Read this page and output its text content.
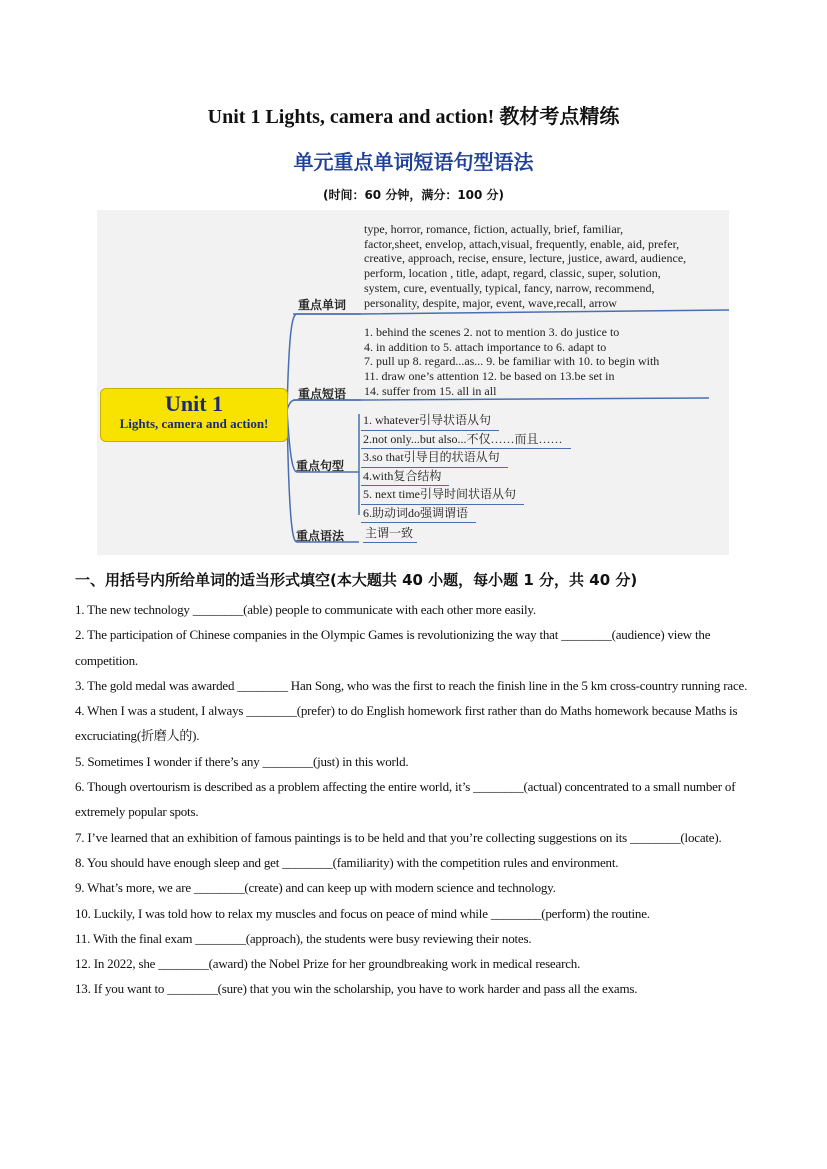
Unit 1 Lights, camera and action! 教材考点精练
单元重点单词短语句型语法
(时间：60 分钟，满分：100 分)
Unit 1
Lights, camera and action!
重点单词
重点短语
重点句型
重点语法
type, horror, romance, fiction, actually, brief, familiar,
factor,sheet, envelop, attach,visual, frequently, enable, aid, prefer,
creative, approach, recise, ensure, lecture, justice, award, audience,
perform, location , title, adapt, regard, classic, super, solution,
system, cure, eventually, typical, fancy, narrow, recommend,
personality, despite, major, event, wave,recall, arrow
1. behind the scenes 2. not to mention 3. do justice to
4. in addition to 5. attach importance to 6. adapt to
7. pull up 8. regard...as... 9. be familiar with 10. to begin with
11. draw one’s attention 12. be based on 13.be set in
14. suffer from 15. all in all
1. whatever引导状语从句
2.not only...but also...不仅……而且……
3.so that引导目的状语从句
4.with复合结构
5. next time引导时间状语从句
6.助动词do强调谓语
主谓一致
一、用括号内所给单词的适当形式填空(本大题共 40 小题，每小题 1 分，共 40 分)

1. The new technology ________(able) people to communicate with each other more easily.

2. The participation of Chinese companies in the Olympic Games is revolutionizing the way that ________(audience) view the competition.

3. The gold medal was awarded ________ Han Song, who was the first to reach the finish line in the 5 km cross-country running race.

4. When I was a student, I always ________(prefer) to do English homework first rather than do Maths homework because Maths is excruciating(折磨人的).

5. Sometimes I wonder if there’s any ________(just) in this world.

6. Though overtourism is described as a problem affecting the entire world, it’s ________(actual) concentrated to a small number of extremely popular spots.

7. I’ve learned that an exhibition of famous paintings is to be held and that you’re collecting suggestions on its ________(locate).

8. You should have enough sleep and get ________(familiarity) with the competition rules and environment.

9. What’s more, we are ________(create) and can keep up with modern science and technology.

10. Luckily, I was told how to relax my muscles and focus on peace of mind while ________(perform) the routine.

11. With the final exam ________(approach), the students were busy reviewing their notes.

12. In 2022, she ________(award) the Nobel Prize for her groundbreaking work in medical research.

13. If you want to ________(sure) that you win the scholarship, you have to work harder and pass all the exams.
